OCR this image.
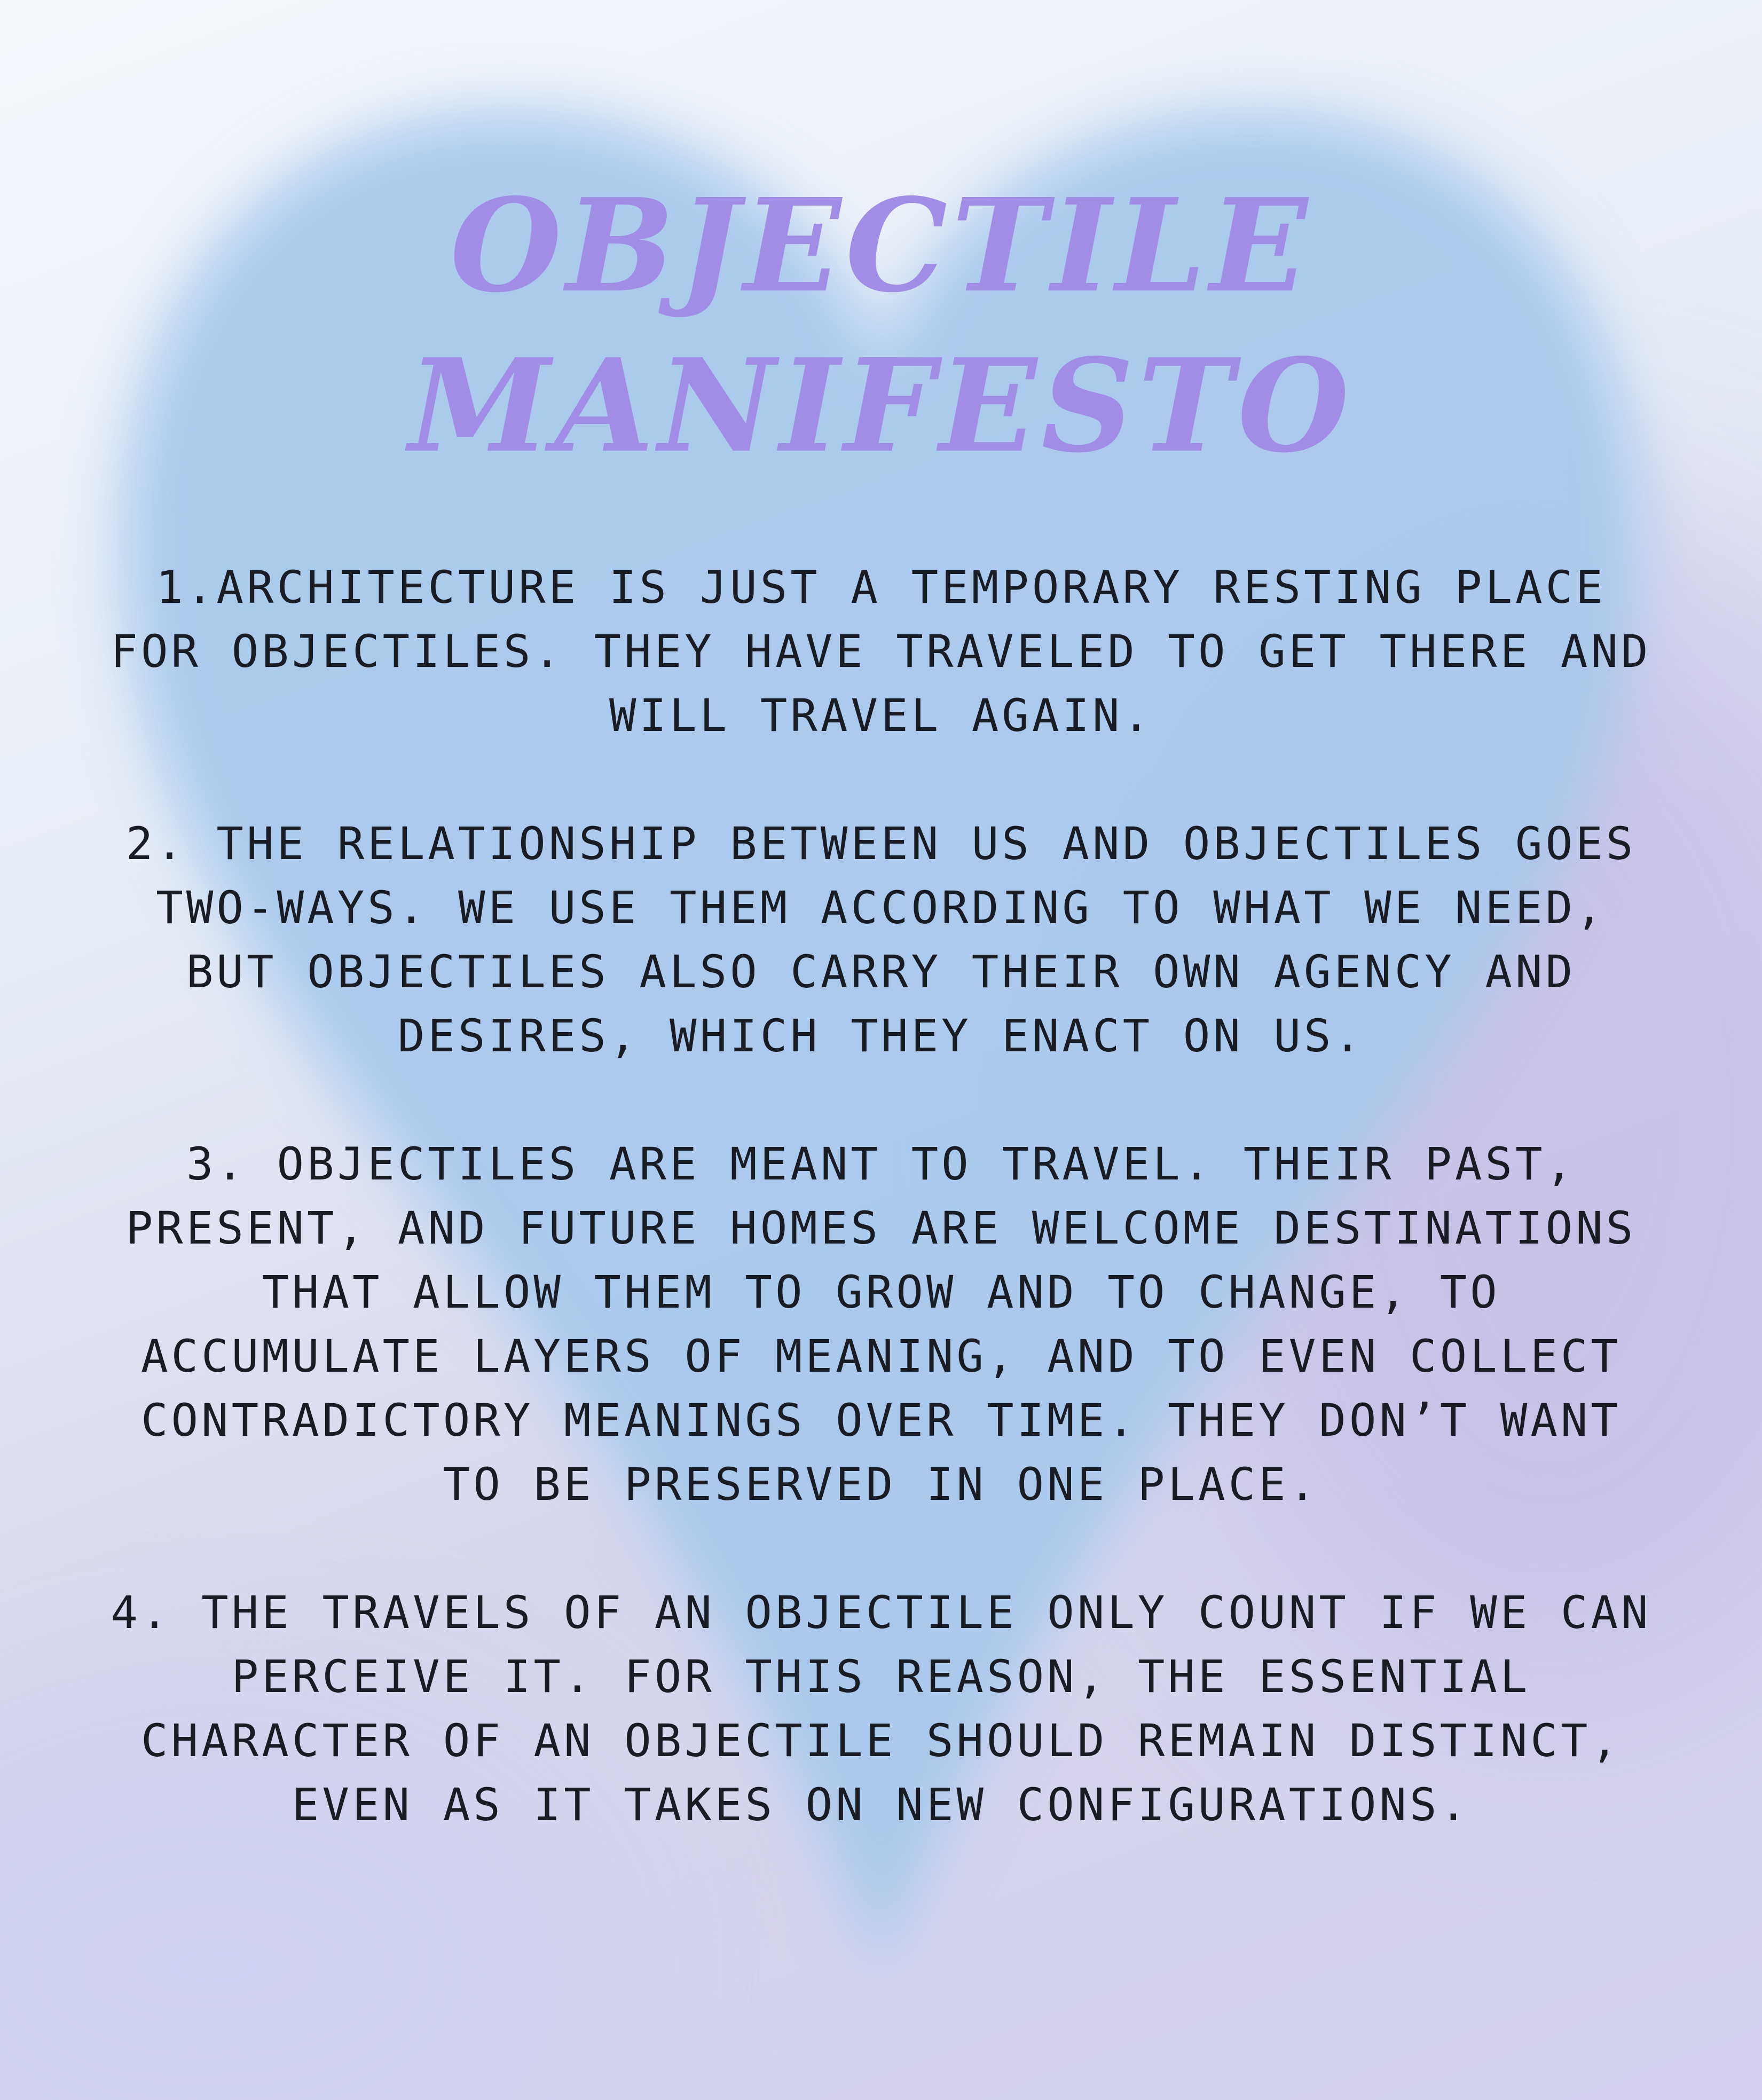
OBJECTILE
MANIFESTO

1.ARCHITECTURE IS JUST A TEMPORARY RESTING PLACE FOR OBJECTILES. THEY HAVE TRAVELED TO GET THERE AND WILL TRAVEL AGAIN.

2. THE RELATIONSHIP BETWEEN US AND OBJECTILES GOES TWO-WAYS. WE USE THEM ACCORDING TO WHAT WE NEED, BUT OBJECTILES ALSO CARRY THEIR OWN AGENCY AND DESIRES, WHICH THEY ENACT ON US.

3. OBJECTILES ARE MEANT TO TRAVEL. THEIR PAST, PRESENT, AND FUTURE HOMES ARE WELCOME DESTINATIONS THAT ALLOW THEM TO GROW AND TO CHANGE, TO ACCUMULATE LAYERS OF MEANING, AND TO EVEN COLLECT CONTRADICTORY MEANINGS OVER TIME. THEY DON’T WANT TO BE PRESERVED IN ONE PLACE.

4. THE TRAVELS OF AN OBJECTILE ONLY COUNT IF WE CAN PERCEIVE IT. FOR THIS REASON, THE ESSENTIAL CHARACTER OF AN OBJECTILE SHOULD REMAIN DISTINCT, EVEN AS IT TAKES ON NEW CONFIGURATIONS.
